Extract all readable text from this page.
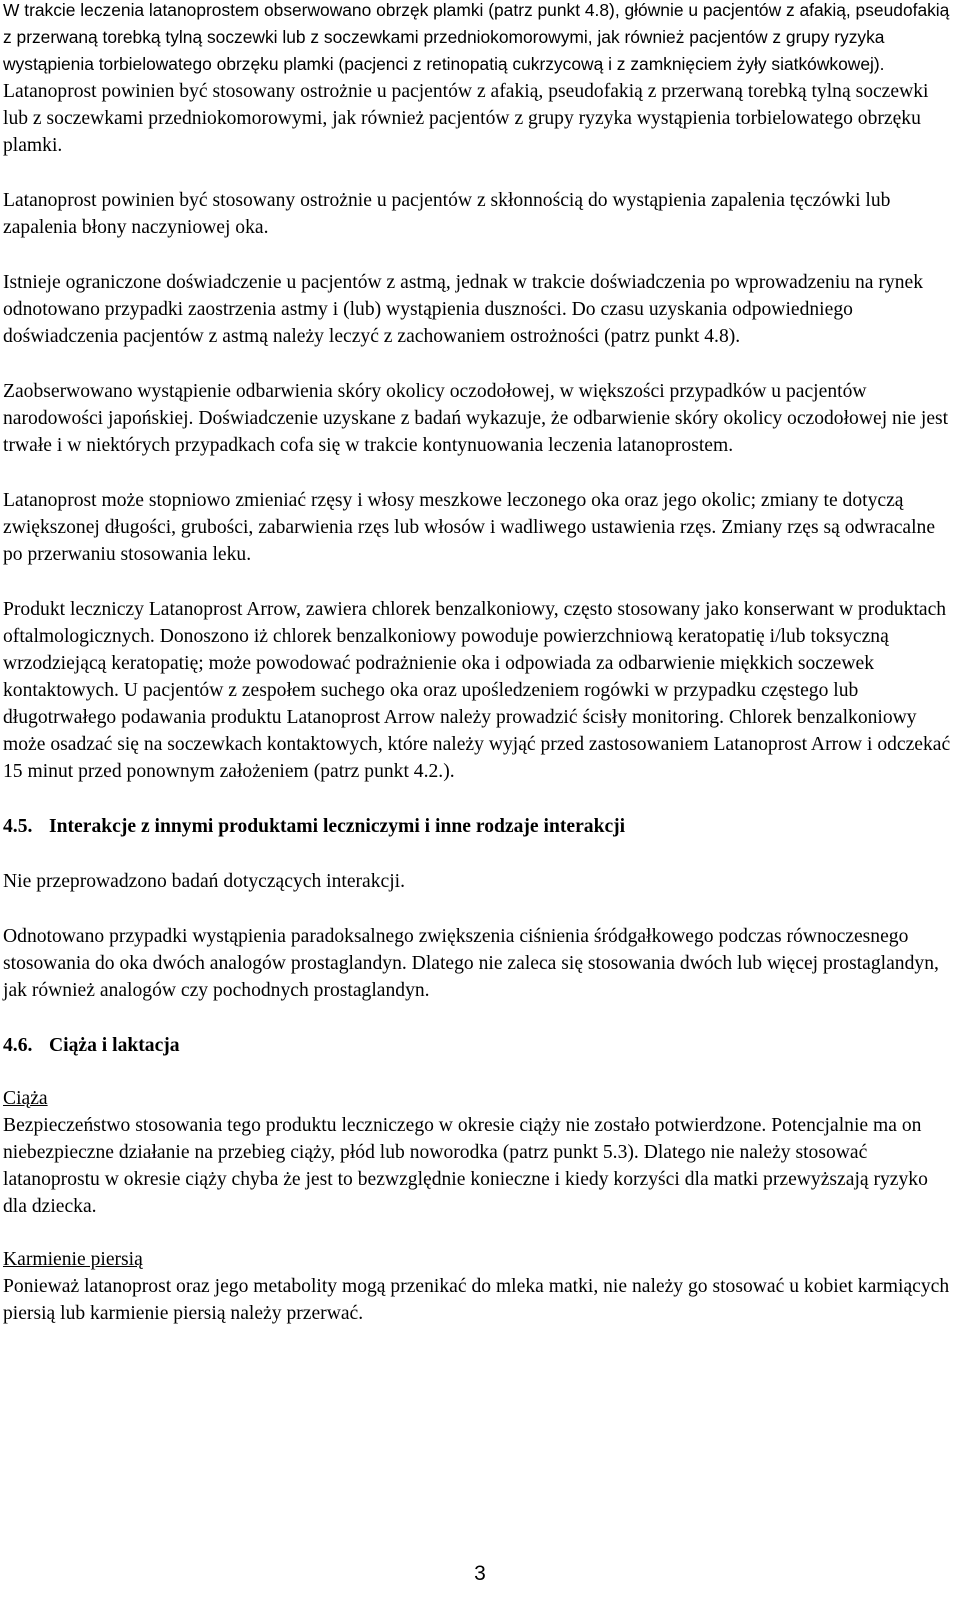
W trakcie leczenia latanoprostem obserwowano obrzęk plamki (patrz punkt 4.8), głównie u pacjentów z afakią, pseudofakią z przerwaną torebką tylną soczewki lub z soczewkami przedniokomorowymi, jak również pacjentów z grupy ryzyka wystąpienia torbielowatego obrzęku plamki (pacjenci z retinopatią cukrzycową i z zamknięciem żyły siatkówkowej). Latanoprost powinien być stosowany ostrożnie u pacjentów z afakią, pseudofakią z przerwaną torebką tylną soczewki lub z soczewkami przedniokomorowymi, jak również pacjentów z grupy ryzyka wystąpienia torbielowatego obrzęku plamki.

Latanoprost powinien być stosowany ostrożnie u pacjentów z skłonnością do wystąpienia zapalenia tęczówki lub zapalenia błony naczyniowej oka.

Istnieje ograniczone doświadczenie u pacjentów z astmą, jednak w trakcie doświadczenia po wprowadzeniu na rynek odnotowano przypadki zaostrzenia astmy i (lub) wystąpienia duszności. Do czasu uzyskania odpowiedniego doświadczenia pacjentów z astmą należy leczyć z zachowaniem ostrożności (patrz punkt 4.8).

Zaobserwowano wystąpienie odbarwienia skóry okolicy oczodołowej, w większości przypadków u pacjentów narodowości japońskiej. Doświadczenie uzyskane z badań wykazuje, że odbarwienie skóry okolicy oczodołowej nie jest trwałe i w niektórych przypadkach cofa się w trakcie kontynuowania leczenia latanoprostem.

Latanoprost może stopniowo zmieniać rzęsy i włosy meszkowe leczonego oka oraz jego okolic; zmiany te dotyczą zwiększonej długości, grubości, zabarwienia rzęs lub włosów i wadliwego ustawienia rzęs. Zmiany rzęs są odwracalne po przerwaniu stosowania leku.

Produkt leczniczy Latanoprost Arrow, zawiera chlorek benzalkoniowy, często stosowany jako konserwant w produktach oftalmologicznych. Donoszono iż chlorek benzalkoniowy powoduje powierzchniową keratopatię i/lub toksyczną wrzodziejącą keratopatię; może powodować podrażnienie oka i odpowiada za odbarwienie miękkich soczewek kontaktowych. U pacjentów z zespołem suchego oka oraz upośledzeniem rogówki w przypadku częstego lub długotrwałego podawania produktu Latanoprost Arrow należy prowadzić ścisły monitoring. Chlorek benzalkoniowy może osadzać się na soczewkach kontaktowych, które należy wyjąć przed zastosowaniem Latanoprost Arrow i odczekać 15 minut przed ponownym założeniem (patrz punkt 4.2.).

4.5. Interakcje z innymi produktami leczniczymi i inne rodzaje interakcji

Nie przeprowadzono badań dotyczących interakcji.

Odnotowano przypadki wystąpienia paradoksalnego zwiększenia ciśnienia śródgałkowego podczas równoczesnego stosowania do oka dwóch analogów prostaglandyn. Dlatego nie zaleca się stosowania dwóch lub więcej prostaglandyn, jak również analogów czy pochodnych prostaglandyn.

4.6. Ciąża i laktacja

Ciąża

Bezpieczeństwo stosowania tego produktu leczniczego w okresie ciąży nie zostało potwierdzone. Potencjalnie ma on niebezpieczne działanie na przebieg ciąży, płód lub noworodka (patrz punkt 5.3). Dlatego nie należy stosować latanoprostu w okresie ciąży chyba że jest to bezwzględnie konieczne i kiedy korzyści dla matki przewyższają ryzyko dla dziecka.

Karmienie piersią

Ponieważ latanoprost oraz jego metabolity mogą przenikać do mleka matki, nie należy go stosować u kobiet karmiących piersią lub karmienie piersią należy przerwać.

3
